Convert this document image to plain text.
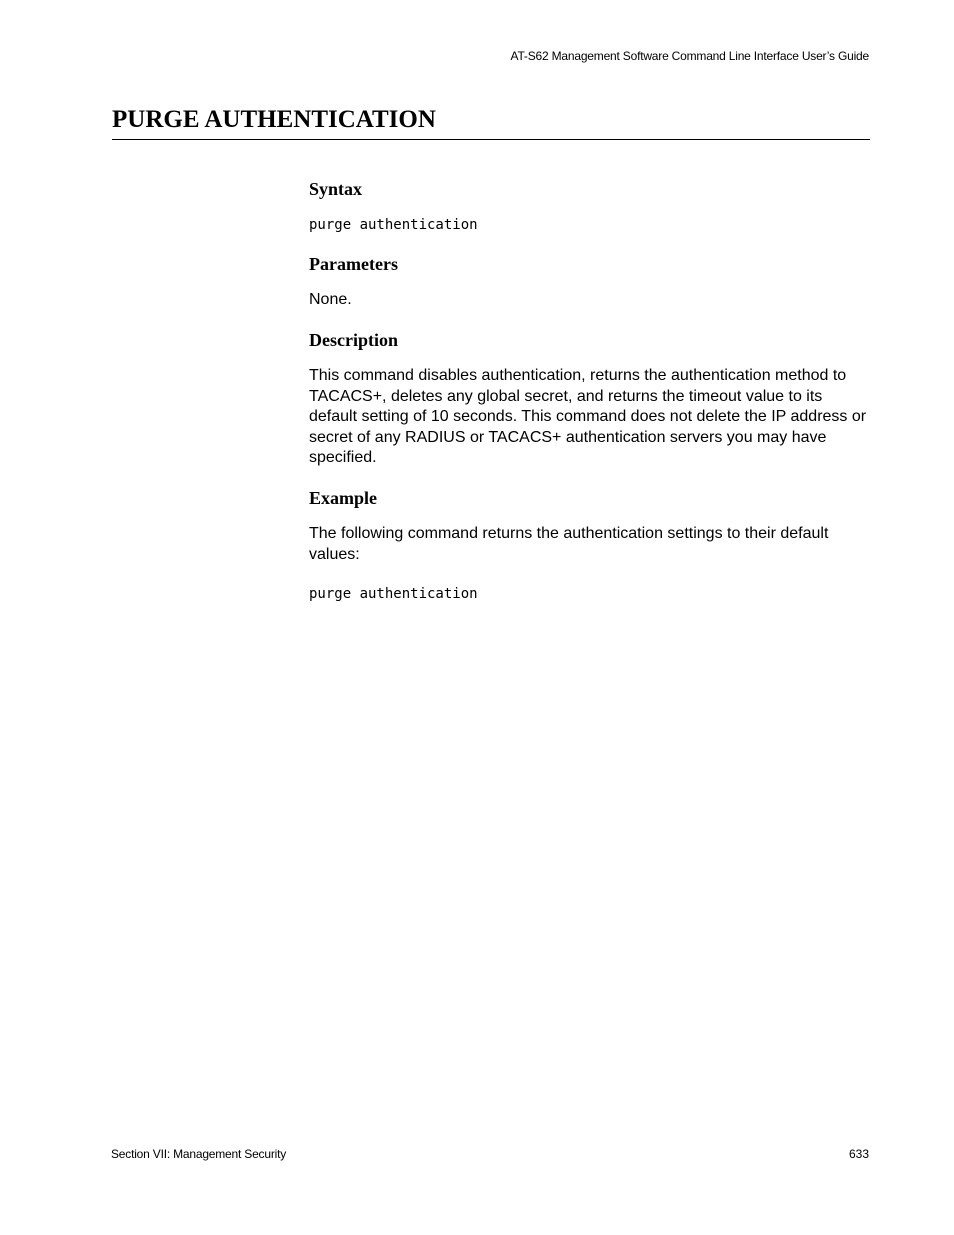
AT-S62 Management Software Command Line Interface User’s Guide
PURGE AUTHENTICATION
Syntax
purge authentication
Parameters

None.

Description

This command disables authentication, returns the authentication method to TACACS+, deletes any global secret, and returns the timeout value to its default setting of 10 seconds. This command does not delete the IP address or secret of any RADIUS or TACACS+ authentication servers you may have specified.

Example

The following command returns the authentication settings to their default values:

purge authentication
Section VII: Management Security	633
